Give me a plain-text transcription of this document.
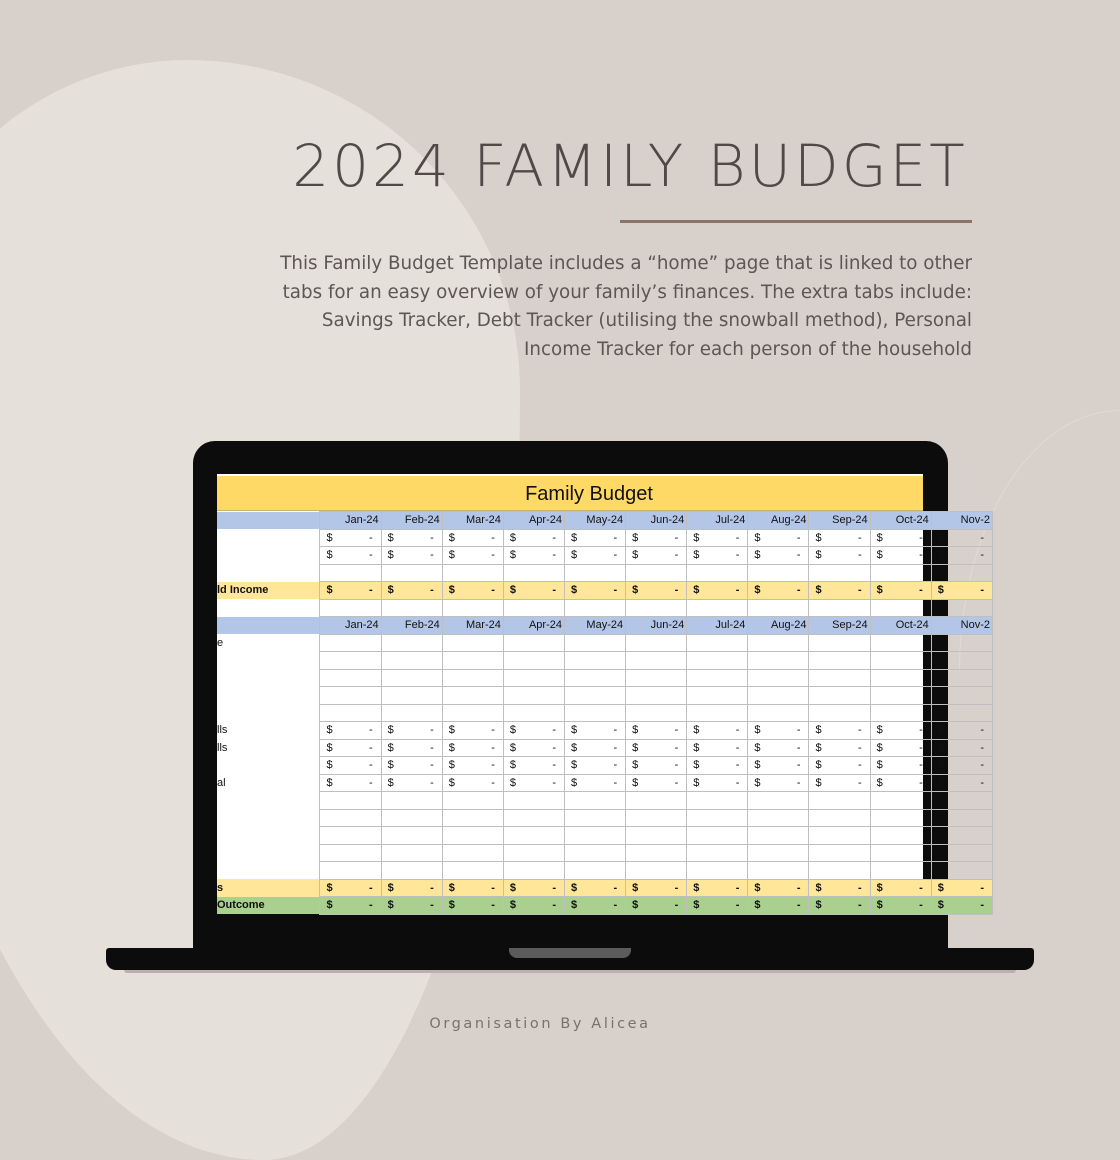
2024 FAMILY BUDGET
This Family Budget Template includes a “home” page that is linked to other
tabs for an easy overview of your family’s finances. The extra tabs include:
Savings Tracker, Debt Tracker (utilising the snowball method), Personal
Income Tracker for each person of the household
Family Budget
	Jan-24	Feb-24	Mar-24	Apr-24	May-24	Jun-24	Jul-24	Aug-24	Sep-24	Oct-24	Nov-2

	$ -	$ -	$ -	$ -	$ -	$ -	$ -	$ -	$ -	$ -	$ -

	$ -	$ -	$ -	$ -	$ -	$ -	$ -	$ -	$ -	$ -	$ -

ld Income	$ -	$ -	$ -	$ -	$ -	$ -	$ -	$ -	$ -	$ -	$ -

	Jan-24	Feb-24	Mar-24	Apr-24	May-24	Jun-24	Jul-24	Aug-24	Sep-24	Oct-24	Nov-2
e											

lls	$ -	$ -	$ -	$ -	$ -	$ -	$ -	$ -	$ -	$ -	$ -

lls	$ -	$ -	$ -	$ -	$ -	$ -	$ -	$ -	$ -	$ -	$ -

	$ -	$ -	$ -	$ -	$ -	$ -	$ -	$ -	$ -	$ -	$ -

al	$ -	$ -	$ -	$ -	$ -	$ -	$ -	$ -	$ -	$ -	$ -

s	$ -	$ -	$ -	$ -	$ -	$ -	$ -	$ -	$ -	$ -	$ -

Outcome	$ -	$ -	$ -	$ -	$ -	$ -	$ -	$ -	$ -	$ -	$ -
Organisation By Alicea
